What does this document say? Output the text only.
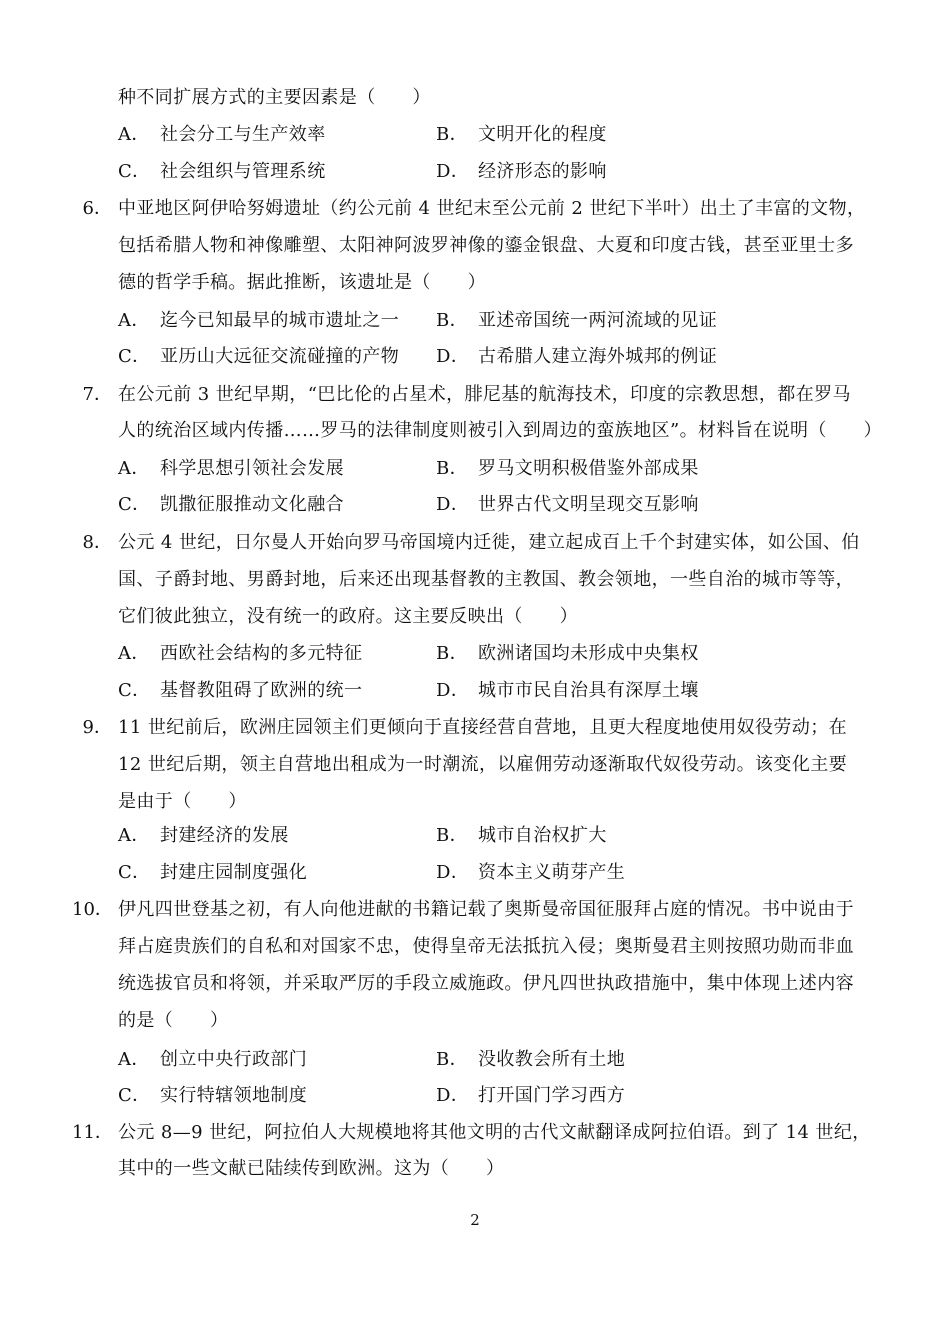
种不同扩展方式的主要因素是（　　）
A． 社会分工与生产效率	B． 文明开化的程度
C． 社会组织与管理系统	D． 经济形态的影响
6． 中亚地区阿伊哈努姆遗址（约公元前 4 世纪末至公元前 2 世纪下半叶）出土了丰富的文物，
包括希腊人物和神像雕塑、太阳神阿波罗神像的鎏金银盘、大夏和印度古钱，甚至亚里士多
德的哲学手稿。据此推断，该遗址是（　　）
A． 迄今已知最早的城市遗址之一 B． 亚述帝国统一两河流域的见证
C． 亚历山大远征交流碰撞的产物 D． 古希腊人建立海外城邦的例证
7． 在公元前 3 世纪早期，“巴比伦的占星术，腓尼基的航海技术，印度的宗教思想，都在罗马
人的统治区域内传播……罗马的法律制度则被引入到周边的蛮族地区”。材料旨在说明（　　）
A． 科学思想引领社会发展	B． 罗马文明积极借鉴外部成果
C． 凯撒征服推动文化融合	D． 世界古代文明呈现交互影响
8． 公元 4 世纪，日尔曼人开始向罗马帝国境内迁徙，建立起成百上千个封建实体，如公国、伯
国、子爵封地、男爵封地，后来还出现基督教的主教国、教会领地，一些自治的城市等等，
它们彼此独立，没有统一的政府。这主要反映出（　　）
A． 西欧社会结构的多元特征	B． 欧洲诸国均未形成中央集权
C． 基督教阻碍了欧洲的统一	D． 城市市民自治具有深厚土壤
9． 11 世纪前后，欧洲庄园领主们更倾向于直接经营自营地，且更大程度地使用奴役劳动；在
12 世纪后期，领主自营地出租成为一时潮流，以雇佣劳动逐渐取代奴役劳动。该变化主要
是由于（　　）
A． 封建经济的发展	B． 城市自治权扩大
C． 封建庄园制度强化	D． 资本主义萌芽产生
10． 伊凡四世登基之初，有人向他进献的书籍记载了奥斯曼帝国征服拜占庭的情况。书中说由于
拜占庭贵族们的自私和对国家不忠，使得皇帝无法抵抗入侵；奥斯曼君主则按照功勋而非血
统选拔官员和将领，并采取严厉的手段立威施政。伊凡四世执政措施中，集中体现上述内容
的是（　　）
A． 创立中央行政部门	B． 没收教会所有土地
C． 实行特辖领地制度	D． 打开国门学习西方
11． 公元 8—9 世纪，阿拉伯人大规模地将其他文明的古代文献翻译成阿拉伯语。到了 14 世纪，
其中的一些文献已陆续传到欧洲。这为（　　）
2
